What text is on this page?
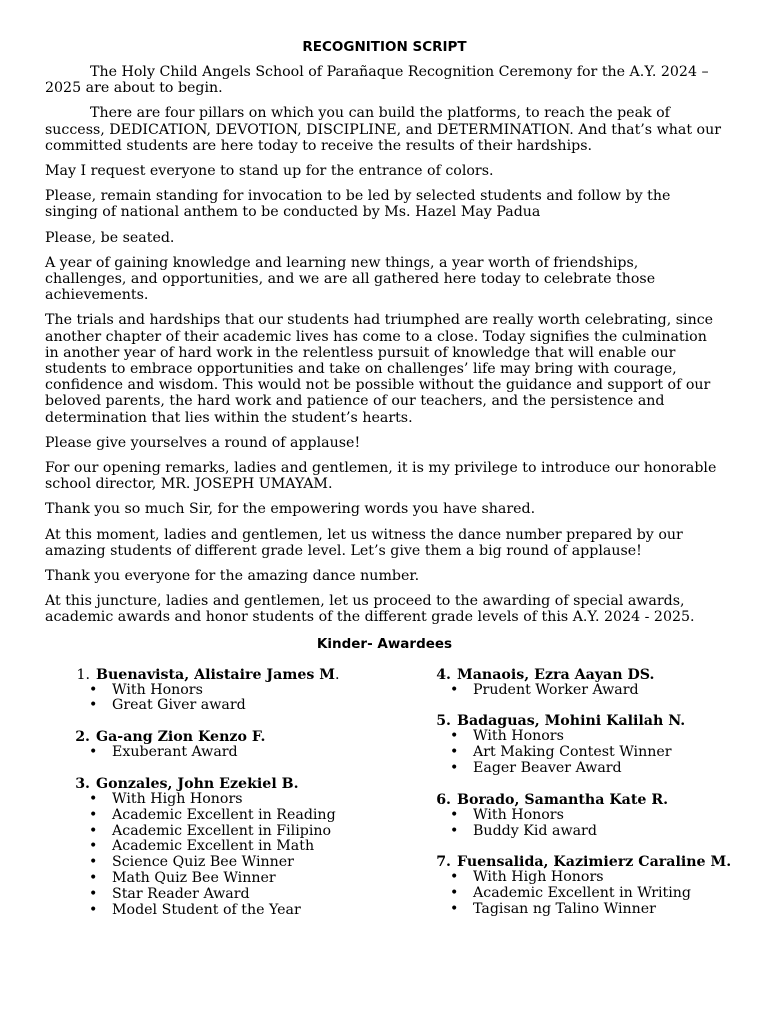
RECOGNITION SCRIPT

The Holy Child Angels School of Parañaque Recognition Ceremony for the A.Y. 2024 – 2025 are about to begin.

There are four pillars on which you can build the platforms, to reach the peak of success, DEDICATION, DEVOTION, DISCIPLINE, and DETERMINATION. And that’s what our committed students are here today to receive the results of their hardships.

May I request everyone to stand up for the entrance of colors.

Please, remain standing for invocation to be led by selected students and follow by the singing of national anthem to be conducted by Ms. Hazel May Padua

Please, be seated.

A year of gaining knowledge and learning new things, a year worth of friendships, challenges, and opportunities, and we are all gathered here today to celebrate those achievements.

The trials and hardships that our students had triumphed are really worth celebrating, since another chapter of their academic lives has come to a close. Today signifies the culmination in another year of hard work in the relentless pursuit of knowledge that will enable our students to embrace opportunities and take on challenges’ life may bring with courage, confidence and wisdom. This would not be possible without the guidance and support of our beloved parents, the hard work and patience of our teachers, and the persistence and determination that lies within the student’s hearts.

Please give yourselves a round of applause!

For our opening remarks, ladies and gentlemen, it is my privilege to introduce our honorable school director, MR. JOSEPH UMAYAM.

Thank you so much Sir, for the empowering words you have shared.

At this moment, ladies and gentlemen, let us witness the dance number prepared by our amazing students of different grade level. Let’s give them a big round of applause!

Thank you everyone for the amazing dance number.

At this juncture, ladies and gentlemen, let us proceed to the awarding of special awards, academic awards and honor students of the different grade levels of this A.Y. 2024 - 2025.

Kinder- Awardees
1. Buenavista, Alistaire James M .
• With Honors
• Great Giver award
2. Ga-ang Zion Kenzo F.
• Exuberant Award
3. Gonzales, John Ezekiel B.
• With High Honors
• Academic Excellent in Reading
• Academic Excellent in Filipino
• Academic Excellent in Math
• Science Quiz Bee Winner
• Math Quiz Bee Winner
• Star Reader Award
• Model Student of the Year
4. Manaois, Ezra Aayan DS.
• Prudent Worker Award
5. Badaguas, Mohini Kalilah N.
• With Honors
• Art Making Contest Winner
• Eager Beaver Award
6. Borado, Samantha Kate R.
• With Honors
• Buddy Kid award
7. Fuensalida, Kazimierz Caraline M.
• With High Honors
• Academic Excellent in Writing
• Tagisan ng Talino Winner
